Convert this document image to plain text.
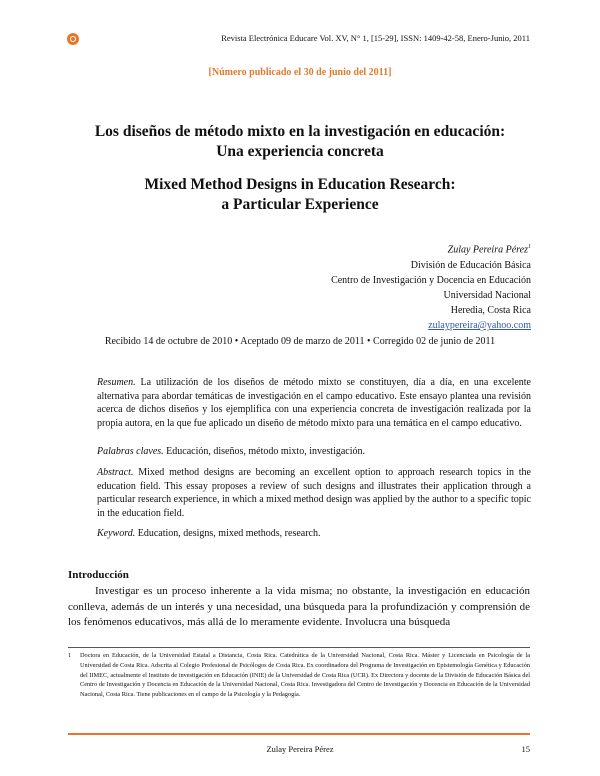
Revista Electrónica Educare Vol. XV, N° 1, [15-29], ISSN: 1409-42-58, Enero-Junio, 2011
[Número publicado el 30 de junio del 2011]
Los diseños de método mixto en la investigación en educación:
Una experiencia concreta
Mixed Method Designs in Education Research:
a Particular Experience
Zulay Pereira Pérez$^1$
División de Educación Básica
Centro de Investigación y Docencia en Educación
Universidad Nacional
Heredia, Costa Rica
zulaypereira@yahoo.com
Recibido 14 de octubre de 2010 • Aceptado 09 de marzo de 2011 • Corregido 02 de junio de 2011
Resumen. La utilización de los diseños de método mixto se constituyen, día a día, en una excelente alternativa para abordar temáticas de investigación en el campo educativo. Este ensayo plantea una revisión acerca de dichos diseños y los ejemplifica con una experiencia concreta de investigación realizada por la propia autora, en la que fue aplicado un diseño de método mixto para una temática en el campo educativo.
Palabras claves. Educación, diseños, método mixto, investigación.
Abstract. Mixed method designs are becoming an excellent option to approach research topics in the education field. This essay proposes a review of such designs and illustrates their application through a particular research experience, in which a mixed method design was applied by the author to a specific topic in the education field.
Keyword. Education, designs, mixed methods, research.
Introducción
Investigar es un proceso inherente a la vida misma; no obstante, la investigación en educación conlleva, además de un interés y una necesidad, una búsqueda para la profundización y comprensión de los fenómenos educativos, más allá de lo meramente evidente. Involucra una búsqueda
1 Doctora en Educación, de la Universidad Estatal a Distancia, Costa Rica. Catedrática de la Universidad Nacional, Costa Rica. Máster y Licenciada en Psicología de la Universidad de Costa Rica. Adscrita al Colegio Profesional de Psicólogos de Costa Rica. Ex coordinadora del Programa de Investigación en Epistemología Genética y Educación del IIMEC, actualmente el Instituto de investigación en Educación (INIE) de la Universidad de Costa Rica (UCR). Ex Directora y docente de la División de Educación Básica del Centro de Investigación y Docencia en Educación de la Universidad Nacional, Costa Rica. Investigadora del Centro de Investigación y Docencia en Educación de la Universidad Nacional, Costa Rica. Tiene publicaciones en el campo de la Psicología y la Pedagogía.
Zulay Pereira Pérez	15
